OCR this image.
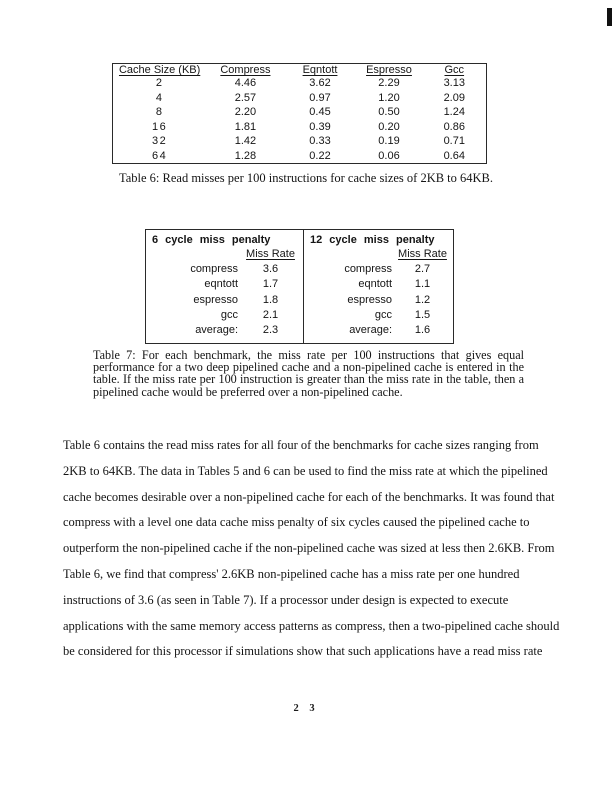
Cache Size (KB)	Compress	Eqntott	Espresso	Gcc
2	4.46	3.62	2.29	3.13
4	2.57	0.97	1.20	2.09
8	2.20	0.45	0.50	1.24
16	1.81	0.39	0.20	0.86
32	1.42	0.33	0.19	0.71
64	1.28	0.22	0.06	0.64
Table 6: Read misses per 100 instructions for cache sizes of 2KB to 64KB.
6 cycle miss penalty
Miss Rate
compress	3.6
eqntott	1.7
espresso	1.8
gcc	2.1
average:	2.3
12 cycle miss penalty
Miss Rate
compress	2.7
eqntott	1.1
espresso	1.2
gcc	1.5
average:	1.6
Table 7: For each benchmark, the miss rate per 100 instructions that gives equal
performance for a two deep pipelined cache and a non-pipelined cache is entered in the
table. If the miss rate per 100 instruction is greater than the miss rate in the table, then a
pipelined cache would be preferred over a non-pipelined cache.
Table 6 contains the read miss rates for all four of the benchmarks for cache sizes ranging from
2KB to 64KB. The data in Tables 5 and 6 can be used to find the miss rate at which the pipelined
cache becomes desirable over a non-pipelined cache for each of the benchmarks. It was found that
compress with a level one data cache miss penalty of six cycles caused the pipelined cache to
outperform the non-pipelined cache if the non-pipelined cache was sized at less then 2.6KB. From
Table 6, we find that compress' 2.6KB non-pipelined cache has a miss rate per one hundred
instructions of 3.6 (as seen in Table 7). If a processor under design is expected to execute
applications with the same memory access patterns as compress, then a two-pipelined cache should
be considered for this processor if simulations show that such applications have a read miss rate
2 3
